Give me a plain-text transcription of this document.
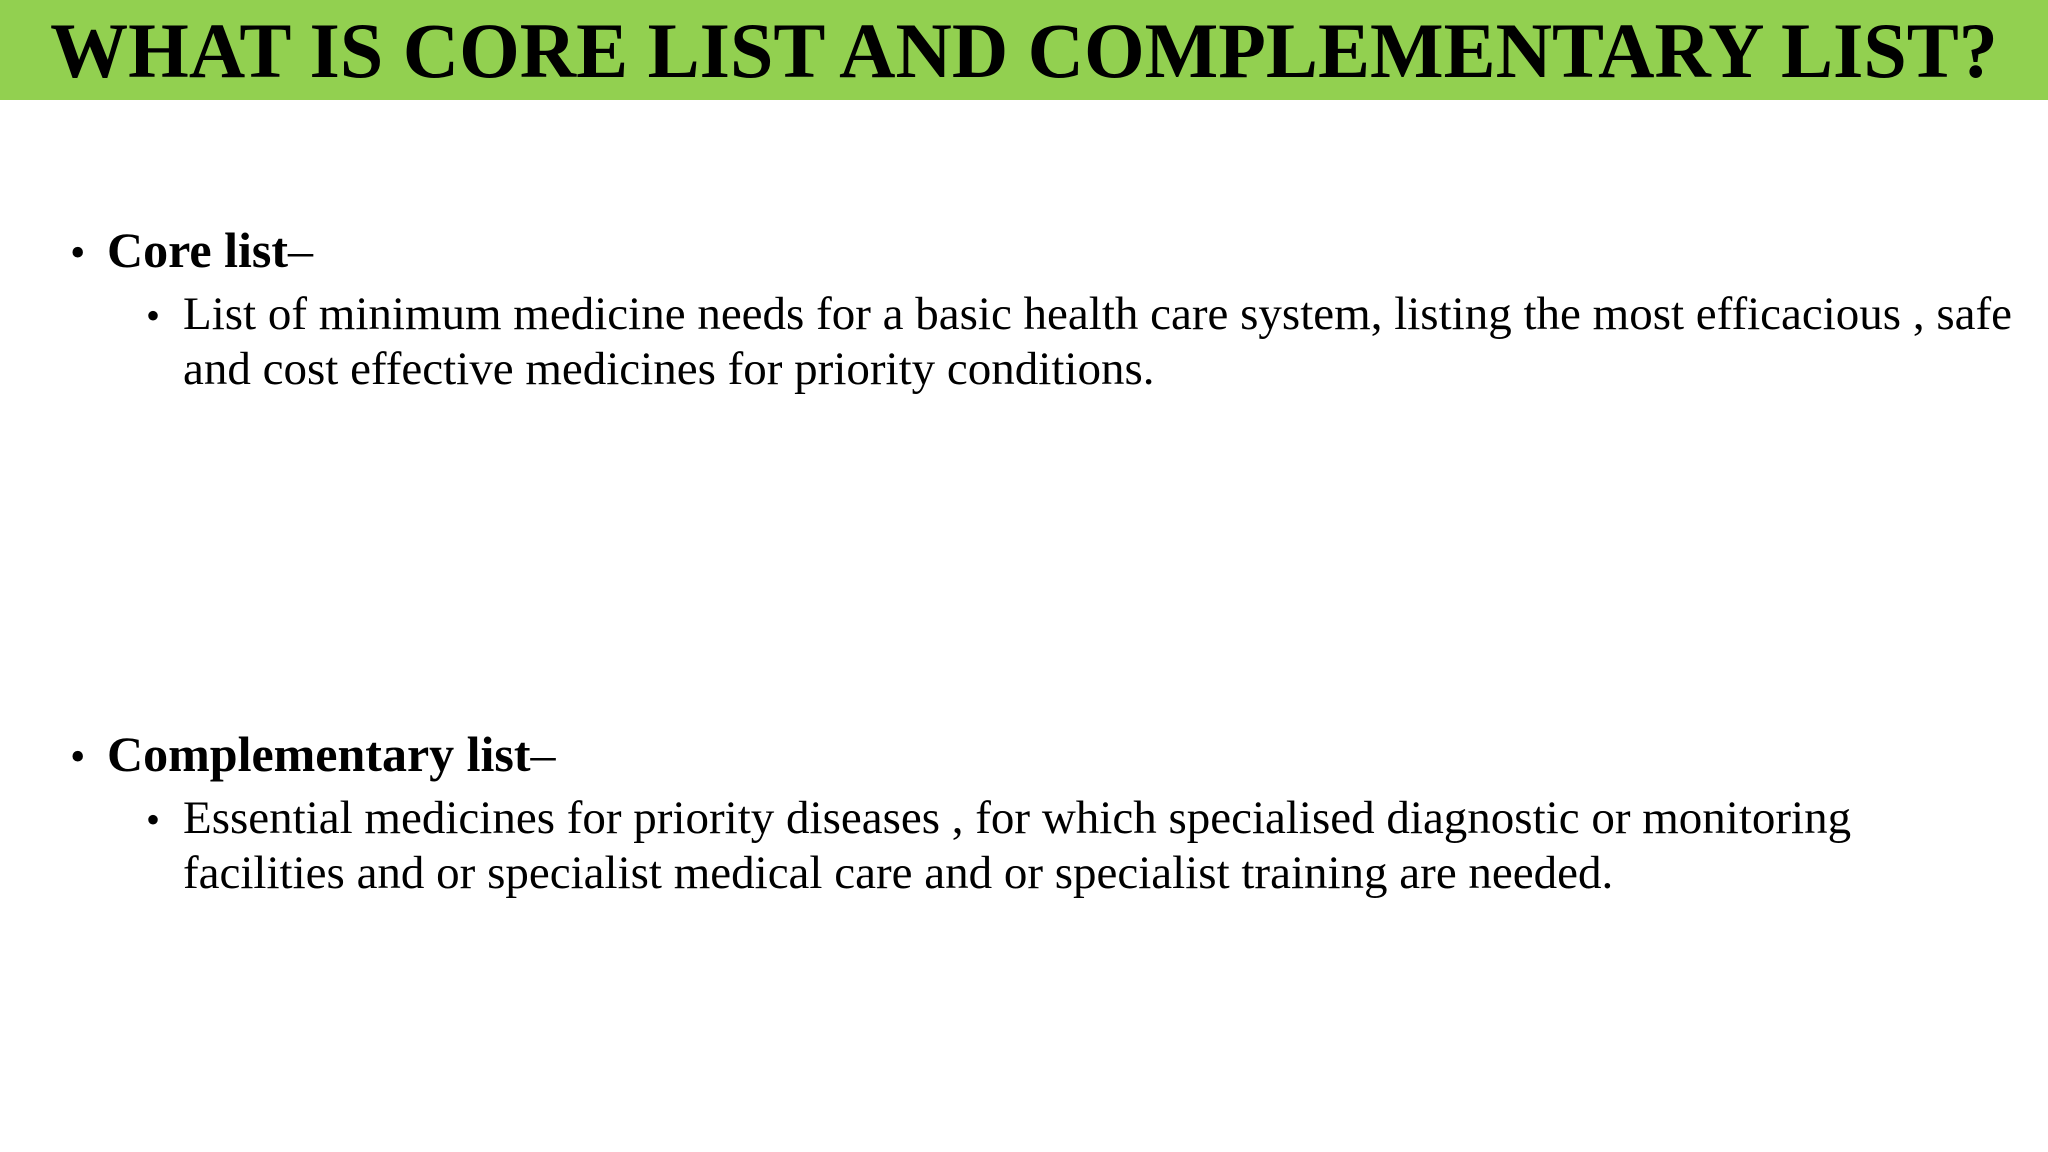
WHAT IS CORE LIST AND COMPLEMENTARY LIST?
• Core list –
• List of minimum medicine needs for a basic health care system, listing the most efficacious , safe and cost effective medicines for priority conditions.
• Complementary list –
• Essential medicines for priority diseases , for which specialised diagnostic or monitoring facilities and or specialist medical care and or specialist training are needed.
